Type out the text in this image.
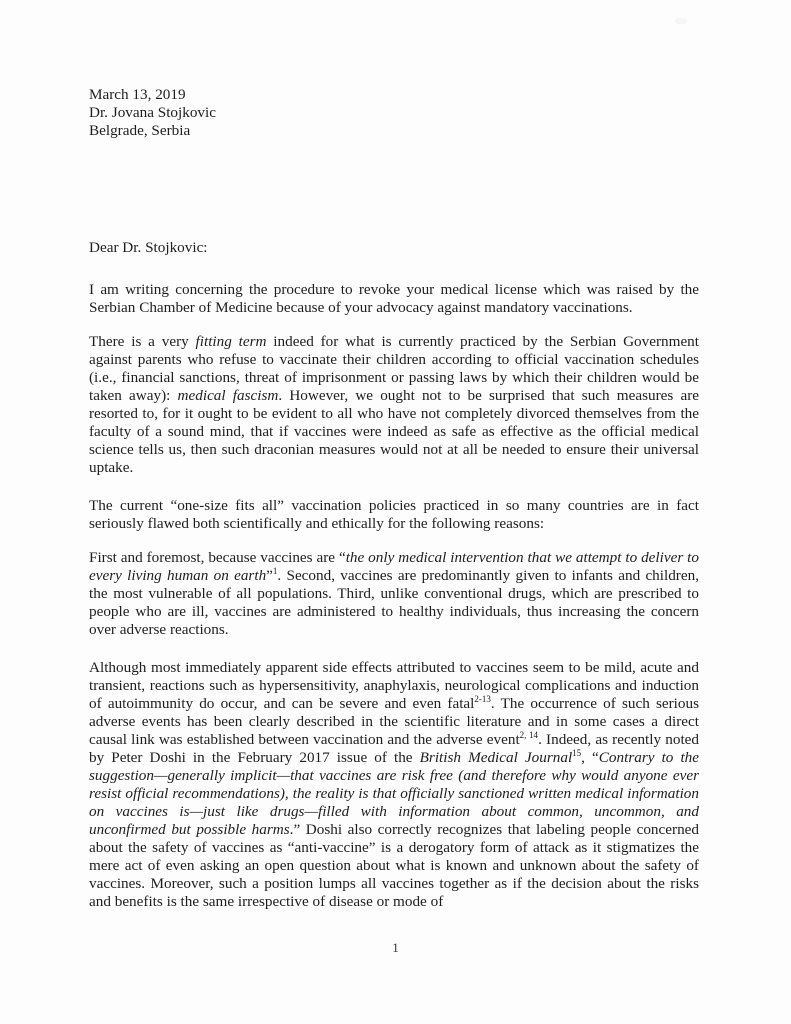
March 13, 2019
Dr. Jovana Stojkovic
Belgrade, Serbia
Dear Dr. Stojkovic:
I am writing concerning the procedure to revoke your medical license which was raised by the Serbian Chamber of Medicine because of your advocacy against mandatory vaccinations.
There is a very fitting term indeed for what is currently practiced by the Serbian Government against parents who refuse to vaccinate their children according to official vaccination schedules (i.e., financial sanctions, threat of imprisonment or passing laws by which their children would be taken away): medical fascism. However, we ought not to be surprised that such measures are resorted to, for it ought to be evident to all who have not completely divorced themselves from the faculty of a sound mind, that if vaccines were indeed as safe as effective as the official medical science tells us, then such draconian measures would not at all be needed to ensure their universal uptake.
The current “one-size fits all” vaccination policies practiced in so many countries are in fact seriously flawed both scientifically and ethically for the following reasons:
First and foremost, because vaccines are “the only medical intervention that we attempt to deliver to every living human on earth”$^1$. Second, vaccines are predominantly given to infants and children, the most vulnerable of all populations. Third, unlike conventional drugs, which are prescribed to people who are ill, vaccines are administered to healthy individuals, thus increasing the concern over adverse reactions.
Although most immediately apparent side effects attributed to vaccines seem to be mild, acute and transient, reactions such as hypersensitivity, anaphylaxis, neurological complications and induction of autoimmunity do occur, and can be severe and even fatal$^{2-13}$. The occurrence of such serious adverse events has been clearly described in the scientific literature and in some cases a direct causal link was established between vaccination and the adverse event$^{2, 14}$. Indeed, as recently noted by Peter Doshi in the February 2017 issue of the British Medical Journal$^{15}$, “Contrary to the suggestion—generally implicit—that vaccines are risk free (and therefore why would anyone ever resist official recommendations), the reality is that officially sanctioned written medical information on vaccines is—just like drugs—filled with information about common, uncommon, and unconfirmed but possible harms.” Doshi also correctly recognizes that labeling people concerned about the safety of vaccines as “anti-vaccine” is a derogatory form of attack as it stigmatizes the mere act of even asking an open question about what is known and unknown about the safety of vaccines. Moreover, such a position lumps all vaccines together as if the decision about the risks and benefits is the same irrespective of disease or mode of
1
